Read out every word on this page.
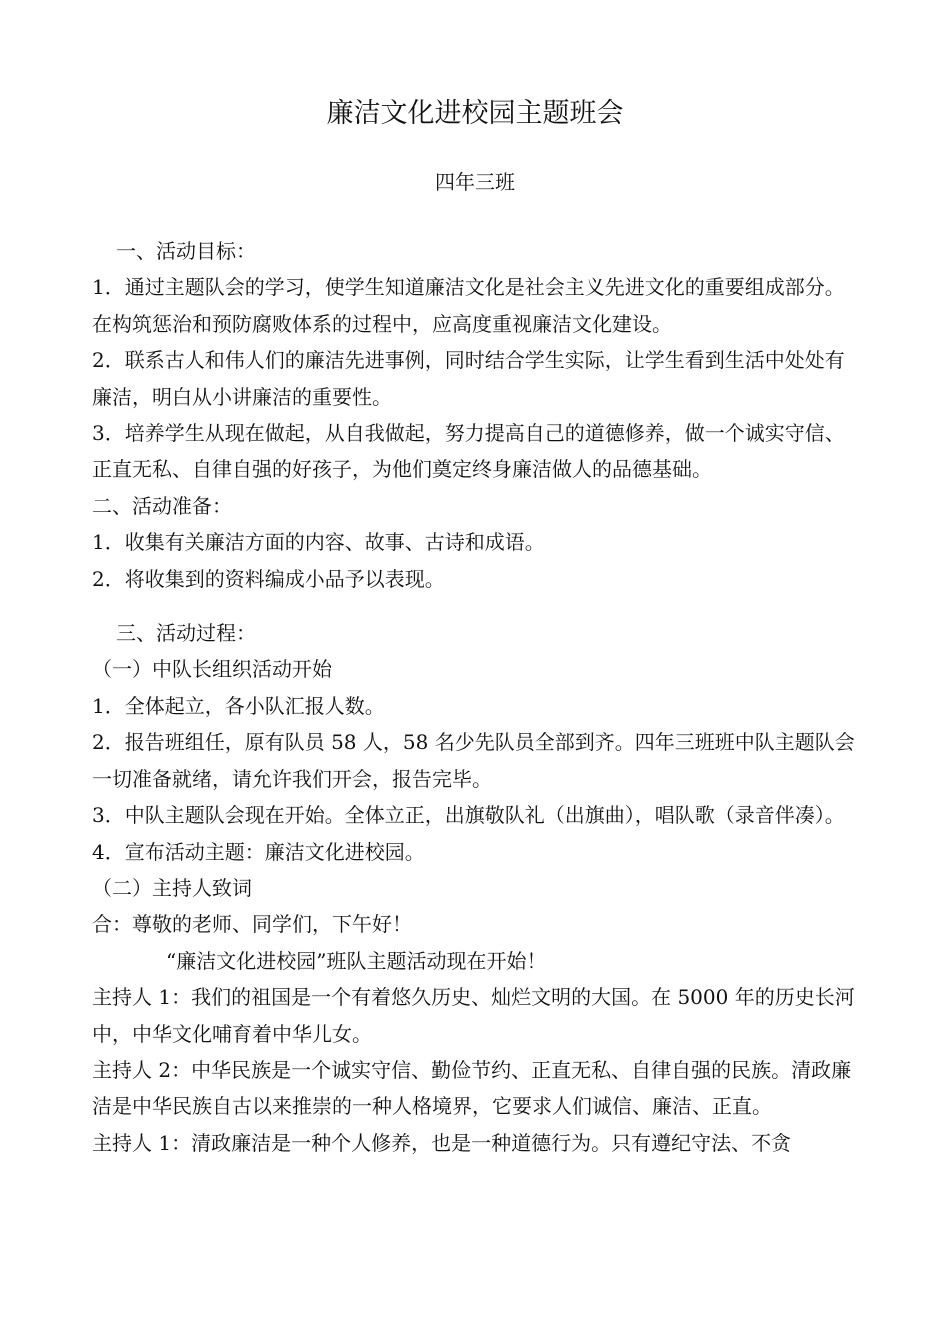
廉洁文化进校园主题班会
四年三班

一、活动目标：

1．通过主题队会的学习，使学生知道廉洁文化是社会主义先进文化的重要组成部分。在构筑惩治和预防腐败体系的过程中，应高度重视廉洁文化建设。

2．联系古人和伟人们的廉洁先进事例，同时结合学生实际，让学生看到生活中处处有廉洁，明白从小讲廉洁的重要性。

3．培养学生从现在做起，从自我做起，努力提高自己的道德修养，做一个诚实守信、正直无私、自律自强的好孩子，为他们奠定终身廉洁做人的品德基础。

二、活动准备：

1．收集有关廉洁方面的内容、故事、古诗和成语。

2．将收集到的资料编成小品予以表现。

三、活动过程：

（一）中队长组织活动开始

1．全体起立，各小队汇报人数。

2．报告班组任，原有队员 58 人，58 名少先队员全部到齐。四年三班班中队主题队会一切准备就绪，请允许我们开会，报告完毕。

3．中队主题队会现在开始。全体立正，出旗敬队礼（出旗曲），唱队歌（录音伴凑）。

4．宣布活动主题：廉洁文化进校园。

（二）主持人致词

合：尊敬的老师、同学们，下午好！

“廉洁文化进校园”班队主题活动现在开始！

主持人 1：我们的祖国是一个有着悠久历史、灿烂文明的大国。在 5000 年的历史长河中，中华文化哺育着中华儿女。

主持人 2：中华民族是一个诚实守信、勤俭节约、正直无私、自律自强的民族。清政廉洁是中华民族自古以来推崇的一种人格境界，它要求人们诚信、廉洁、正直。

主持人 1：清政廉洁是一种个人修养，也是一种道德行为。只有遵纪守法、不贪
